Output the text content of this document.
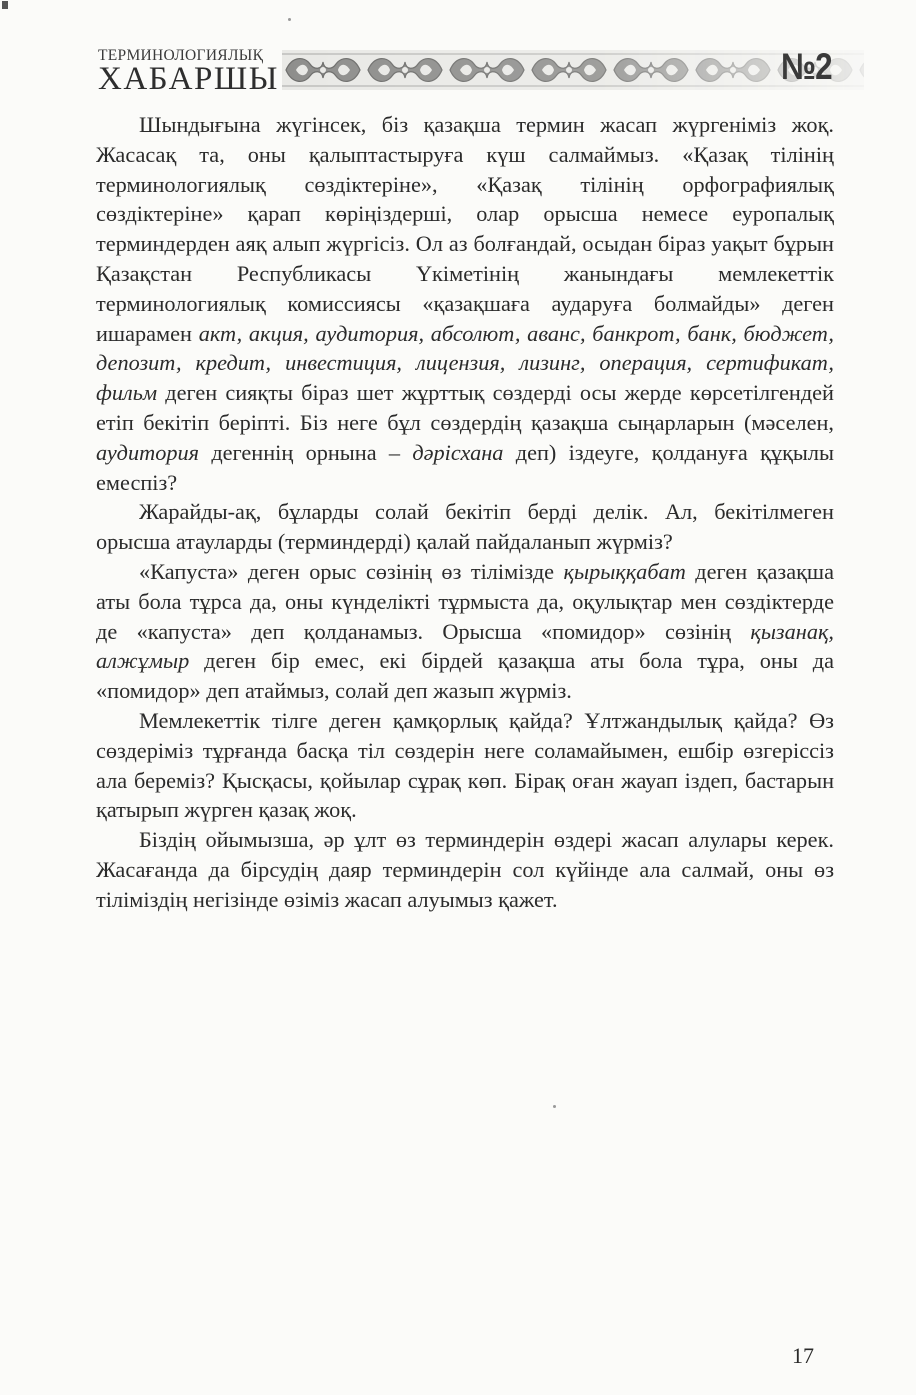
ТЕРМИНОЛОГИЯЛЫҚ
ХАБАРШЫ	№2

Шындығына жүгінсек, біз қазақша термин жасап жүргеніміз жоқ. Жасасақ та, оны қалыптастыруға күш салмаймыз. «Қазақ тілінің терминологиялық сөздіктеріне», «Қазақ тілінің орфографиялық сөздіктеріне» қарап көріңіздерші, олар орысша немесе еуропалық терминдерден аяқ алып жүргісіз. Ол аз болғандай, осыдан біраз уақыт бұрын Қазақстан Республикасы Үкіметінің жанындағы мемлекеттік терминологиялық комиссиясы «қазақшаға аударуға болмайды» деген ишарамен акт, акция, аудитория, абсолют, аванс, банкрот, банк, бюджет, депозит, кредит, инвестиция, лицензия, лизинг, операция, сертификат, фильм деген сияқты біраз шет жұрттық сөздерді осы жерде көрсетілгендей етіп бекітіп беріпті. Біз неге бұл сөздердің қазақша сыңарларын (мәселен, аудитория дегеннің орнына – дәрісхана деп) іздеуге, қолдануға құқылы емеспіз?

Жарайды-ақ, бұларды солай бекітіп берді делік. Ал, бекітілмеген орысша атауларды (терминдерді) қалай пайдаланып жүрміз?

«Капуста» деген орыс сөзінің өз тілімізде қырыққабат деген қазақша аты бола тұрса да, оны күнделікті тұрмыста да, оқулықтар мен сөздіктерде де «капуста» деп қолданамыз. Орысша «помидор» сөзінің қызанақ, алжұмыр деген бір емес, екі бірдей қазақша аты бола тұра, оны да «помидор» деп атаймыз, солай деп жазып жүрміз.

Мемлекеттік тілге деген қамқорлық қайда? Ұлтжандылық қайда? Өз сөздеріміз тұрғанда басқа тіл сөздерін неге соламайымен, ешбір өзгеріссіз ала береміз? Қысқасы, қойылар сұрақ көп. Бірақ оған жауап іздеп, бастарын қатырып жүрген қазақ жоқ.

Біздің ойымызша, әр ұлт өз терминдерін өздері жасап алулары керек. Жасағанда да бірсудің даяр терминдерін сол күйінде ала салмай, оны өз тіліміздің негізінде өзіміз жасап алуымыз қажет.

17
